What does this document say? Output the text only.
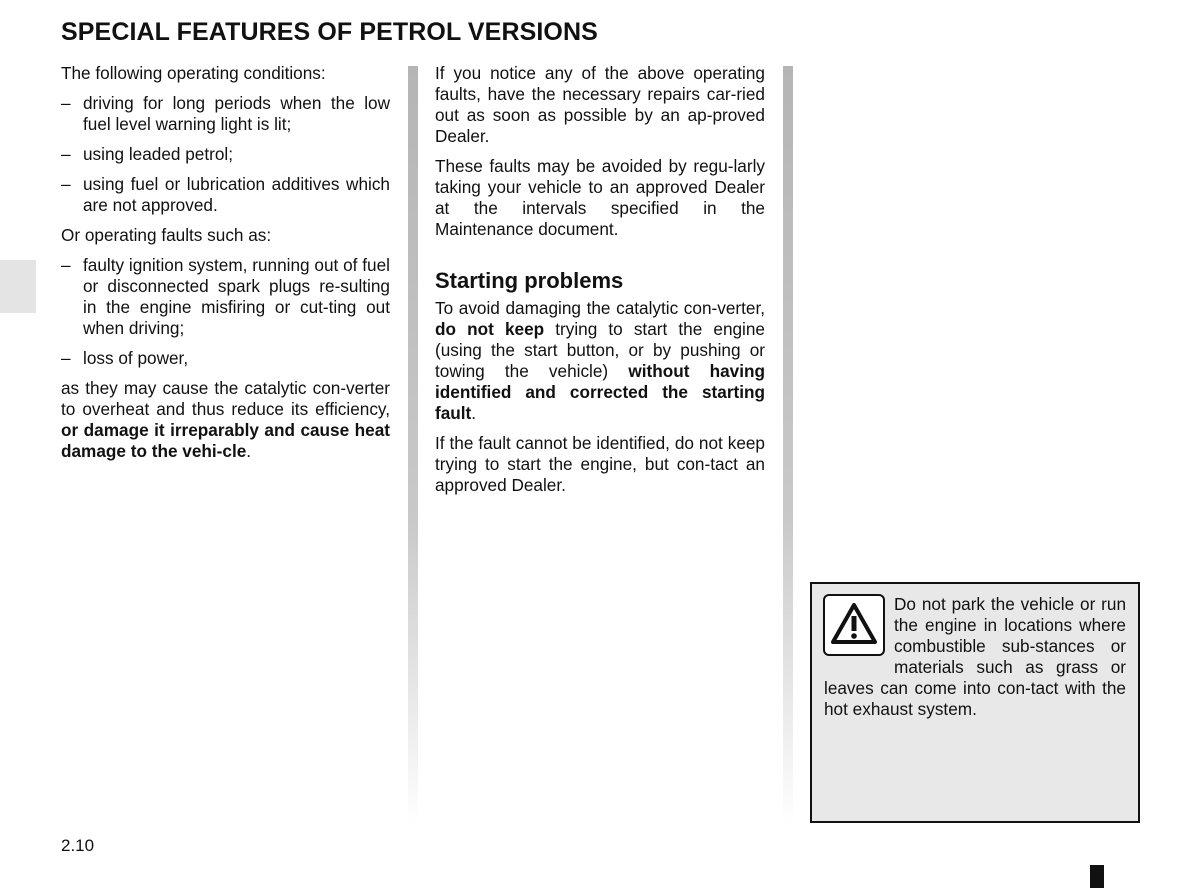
SPECIAL FEATURES OF PETROL VERSIONS

The following operating conditions:

– driving for long periods when the low fuel level warning light is lit;
– using leaded petrol;
– using fuel or lubrication additives which are not approved.

Or operating faults such as:

– faulty ignition system, running out of fuel or disconnected spark plugs re-sulting in the engine misfiring or cut-ting out when driving;
– loss of power,

as they may cause the catalytic con-verter to overheat and thus reduce its efficiency, or damage it irreparably and cause heat damage to the vehi-cle.

If you notice any of the above operating faults, have the necessary repairs car-ried out as soon as possible by an ap-proved Dealer.

These faults may be avoided by regu-larly taking your vehicle to an approved Dealer at the intervals specified in the Maintenance document.

Starting problems

To avoid damaging the catalytic con-verter, do not keep trying to start the engine (using the start button, or by pushing or towing the vehicle) without having identified and corrected the starting fault.

If the fault cannot be identified, do not keep trying to start the engine, but con-tact an approved Dealer.

Do not park the vehicle or run the engine in locations where combustible sub-stances or materials such as grass or leaves can come into con-tact with the hot exhaust system.
2.10
